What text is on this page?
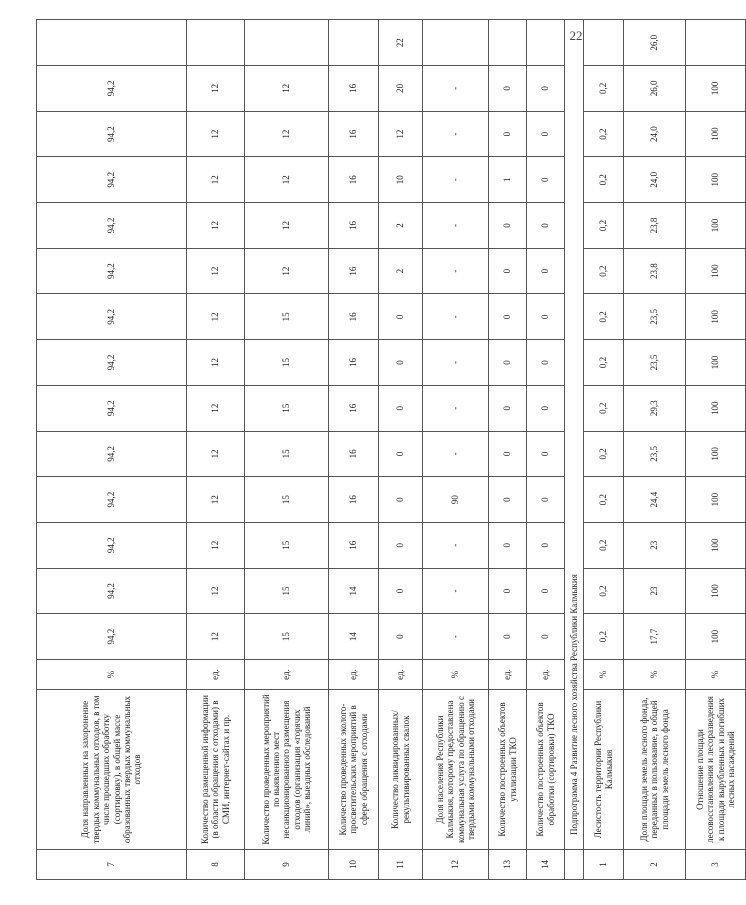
22
7	Доля направленных на захоронение твердых коммунальных отходов, в том числе прошедших обработку (сортировку), в общей массе образованных твердых коммунальных отходов	%	94,2	94,2	94,2	94,2	94,2	94,2	94,2	94,2	94,2	94,2	94,2	94,2	94,2	
8	Количество размещенной информации (в области обращения с отходами) в СМИ, интернет-сайтах и пр.	ед.	12	12	12	12	12	12	12	12	12	12	12	12	12	
9	Количество проведенных мероприятий по выявлению мест несанкционированного размещения отходов (организация «горячих линий», выездных обследований	ед.	15	15	15	15	15	15	15	15	12	12	12	12	12	
10	Количество проведенных эколого-просветительских мероприятий в сфере обращения с отходами	ед.	14	14	16	16	16	16	16	16	16	16	16	16	16	
11	Количество ликвидированных/рекультивированных свалок	ед.	0	0	0	0	0	0	0	0	2	2	10	12	20	22
12	Доля населения Республики Калмыкия, которому предоставлена коммунальная услуга по обращению с твердыми коммунальными отходами	%	-	-	-	90	-	-	-	-	-	-	-	-	-	
13	Количество построенных объектов утилизации ТКО	ед.	0	0	0	0	0	0	0	0	0	0	1	0	0	
14	Количество построенных объектов обработки (сортировки) ТКО	ед.	0	0	0	0	0	0	0	0	0	0	0	0	0	
	Подпрограмма 4 Развитие лесного хозяйства Республики Калмыкия															
1	Лесистость территории Республики Калмыкия	%	0,2	0,2	0,2	0,2	0,2	0,2	0,2	0,2	0,2	0,2	0,2	0,2	0,2	
2	Доля площади земель лесного фонда, переданных в пользование, в общей площади земель лесного фонда	%	17,7	23	23	24,4	23,5	29,3	23,5	23,5	23,8	23,8	24,0	24,0	26,0	26,0
3	Отношение площади лесовосстановления и лесоразведения к площади вырубленных и погибших лесных насаждений	%	100	100	100	100	100	100	100	100	100	100	100	100	100	
